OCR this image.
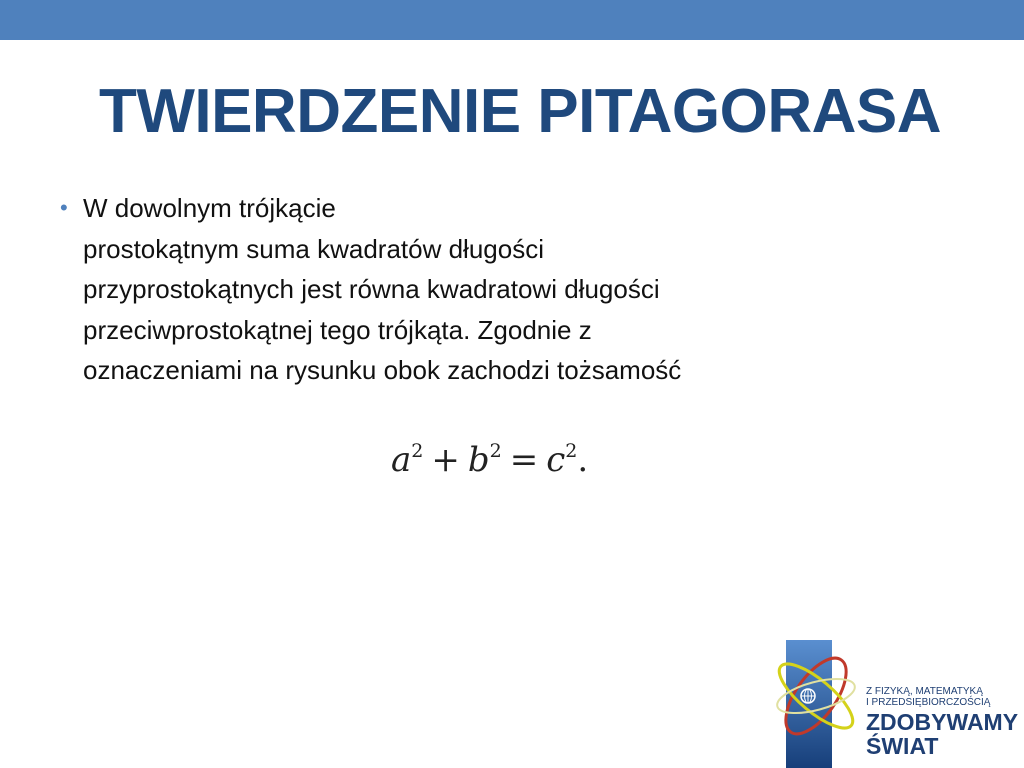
TWIERDZENIE PITAGORASA
• W dowolnym trójkącie
prostokątnym suma kwadratów długości
przyprostokątnych jest równa kwadratowi długości
przeciwprostokątnej tego trójkąta. Zgodnie z
oznaczeniami na rysunku obok zachodzi tożsamość
$a^2 + b^2 = c^2$.
Z FIZYKĄ, MATEMATYKĄ
I PRZEDSIĘBIORCZOŚCIĄ
ZDOBYWAMY
ŚWIAT
